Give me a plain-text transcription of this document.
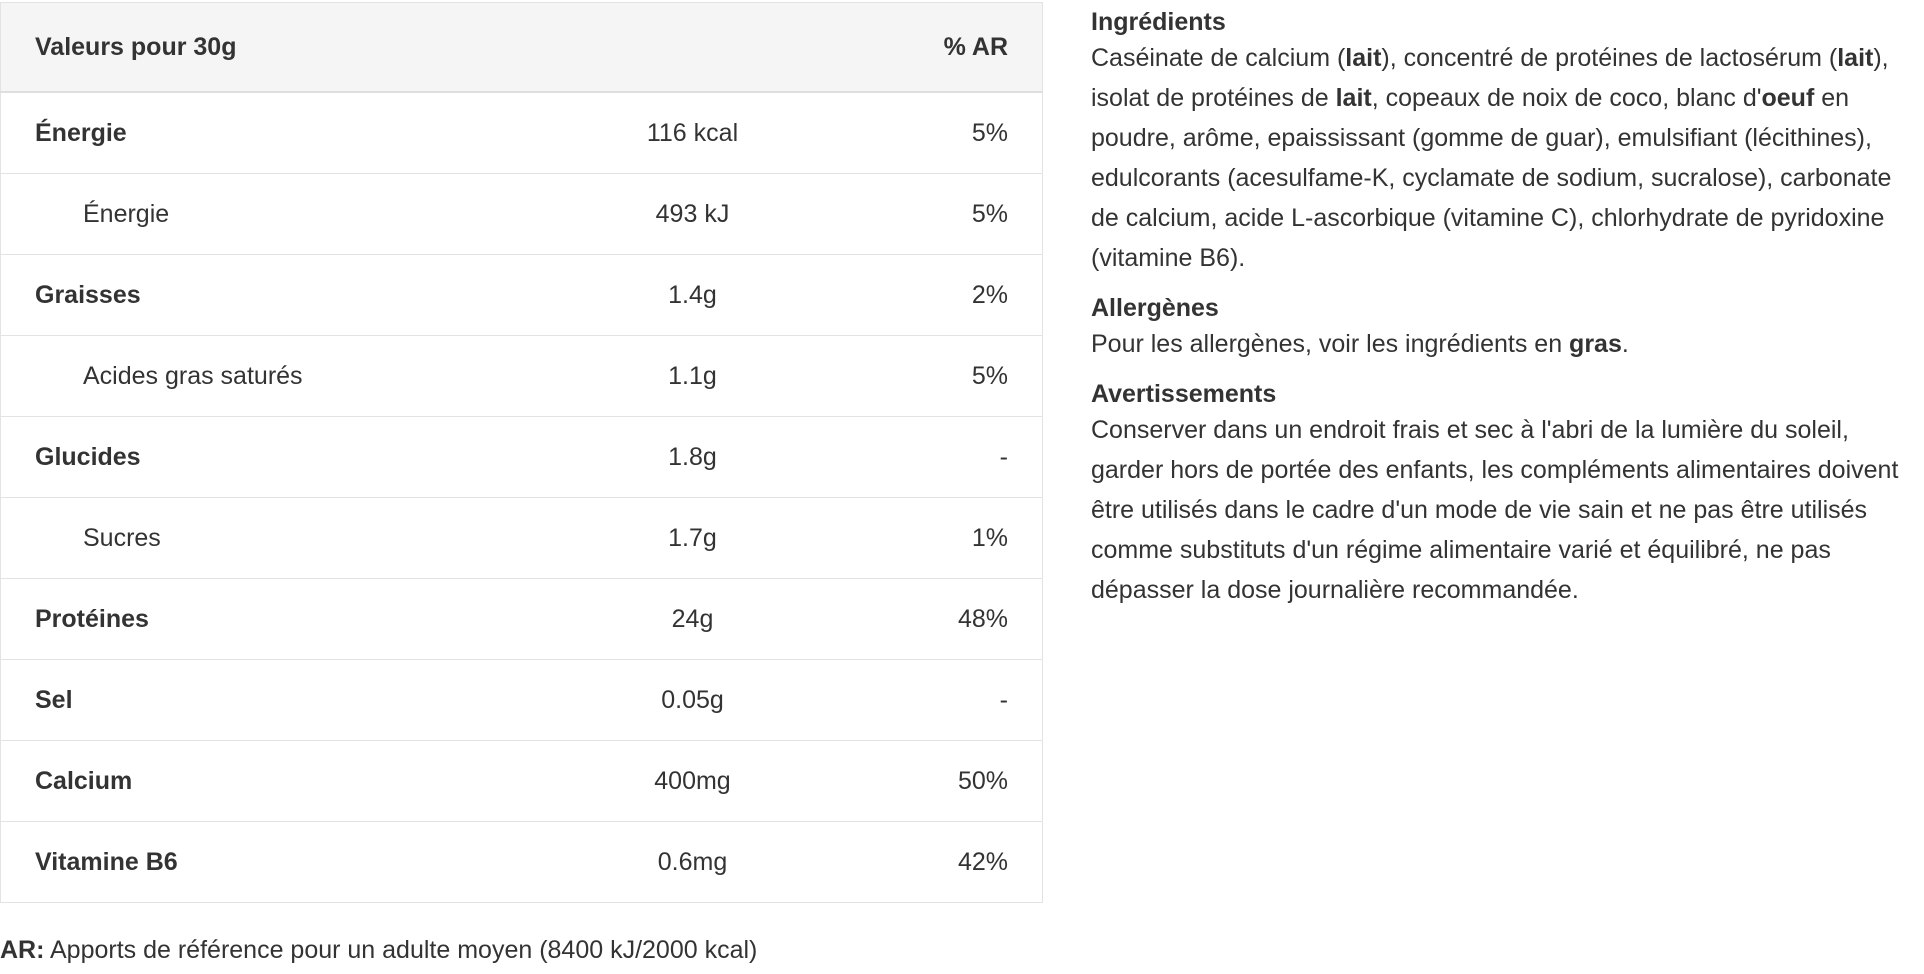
Valeurs pour 30g		% AR
Énergie	116 kcal	5%
Énergie	493 kJ	5%
Graisses	1.4g	2%
Acides gras saturés	1.1g	5%
Glucides	1.8g	-
Sucres	1.7g	1%
Protéines	24g	48%
Sel	0.05g	-
Calcium	400mg	50%
Vitamine B6	0.6mg	42%
AR: Apports de référence pour un adulte moyen (8400 kJ/2000 kcal)
Ingrédients

Caséinate de calcium (lait), concentré de protéines de lactosérum (lait), isolat de protéines de lait, copeaux de noix de coco, blanc d'oeuf en poudre, arôme, epaississant (gomme de guar), emulsifiant (lécithines), edulcorants (acesulfame-K, cyclamate de sodium, sucralose), carbonate de calcium, acide L-ascorbique (vitamine C), chlorhydrate de pyridoxine (vitamine B6).

Allergènes

Pour les allergènes, voir les ingrédients en gras.

Avertissements

Conserver dans un endroit frais et sec à l'abri de la lumière du soleil, garder hors de portée des enfants, les compléments alimentaires doivent être utilisés dans le cadre d'un mode de vie sain et ne pas être utilisés comme substituts d'un régime alimentaire varié et équilibré, ne pas dépasser la dose journalière recommandée.
